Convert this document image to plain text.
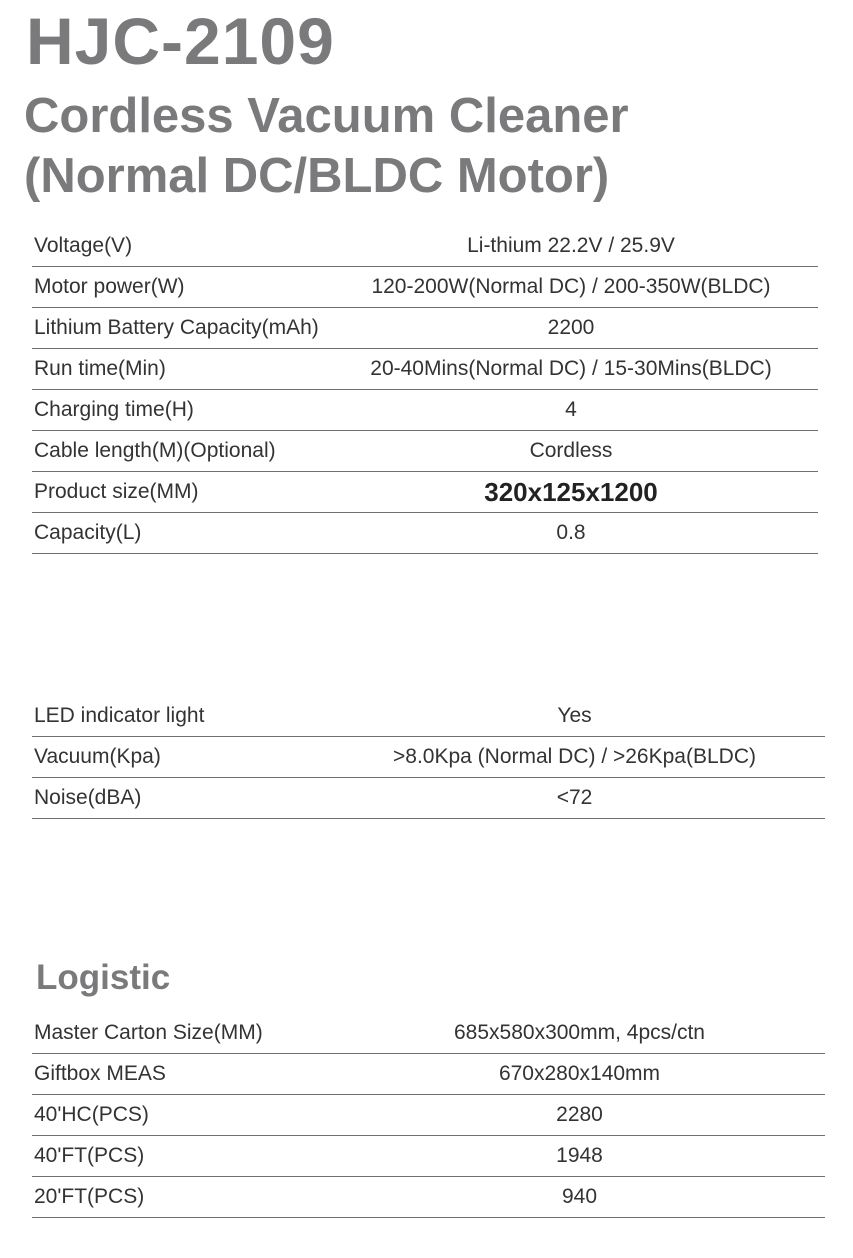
HJC-2109
Cordless Vacuum Cleaner
(Normal DC/BLDC Motor)
Voltage(V)	Li-thium 22.2V / 25.9V
Motor power(W)	120-200W(Normal DC) / 200-350W(BLDC)
Lithium Battery Capacity(mAh)	2200
Run time(Min)	20-40Mins(Normal DC) / 15-30Mins(BLDC)
Charging time(H)	4
Cable length(M)(Optional)	Cordless
Product size(MM)	320x125x1200
Capacity(L)	0.8
LED indicator light	Yes
Vacuum(Kpa)	>8.0Kpa (Normal DC) / >26Kpa(BLDC)
Noise(dBA)	<72
Logistic
Master Carton Size(MM)	685x580x300mm, 4pcs/ctn
Giftbox MEAS	670x280x140mm
40'HC(PCS)	2280
40'FT(PCS)	1948
20'FT(PCS)	940
